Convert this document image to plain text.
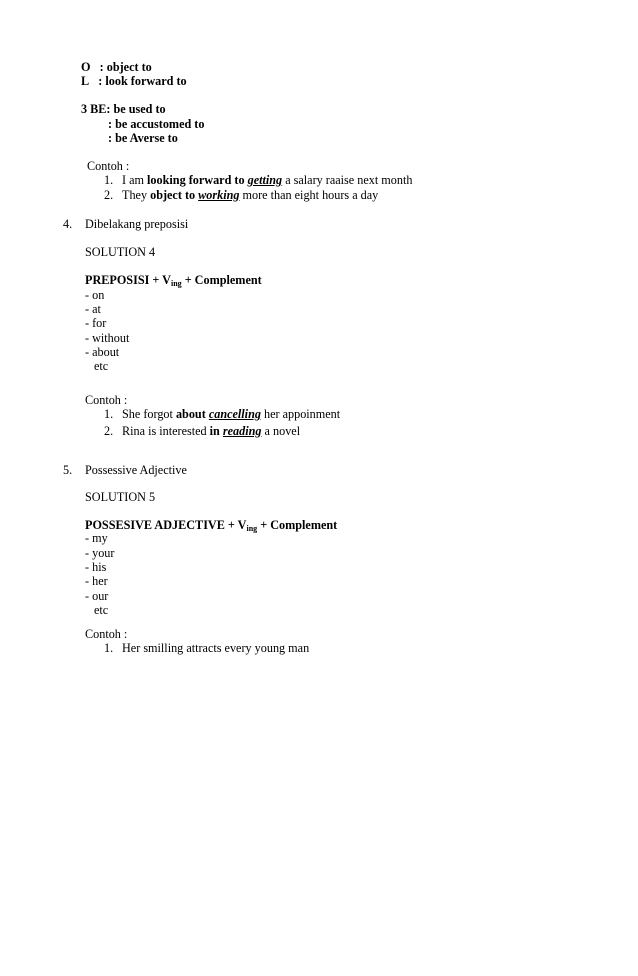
O : object to
L : look forward to
3 BE: be used to
: be accustomed to
: be Averse to
Contoh :
1. I am looking forward to getting a salary raaise next month
2. They object to working more than eight hours a day
4. Dibelakang preposisi
SOLUTION 4
PREPOSISI + $V_{ing}$ + Complement
- on
- at
- for
- without
- about
etc
Contoh :
1. She forgot about cancelling her appoinment
2. Rina is interested in reading a novel
5. Possessive Adjective
SOLUTION 5
POSSESIVE ADJECTIVE + $V_{ing}$ + Complement
- my
- your
- his
- her
- our
etc
Contoh :
1. Her smilling attracts every young man
